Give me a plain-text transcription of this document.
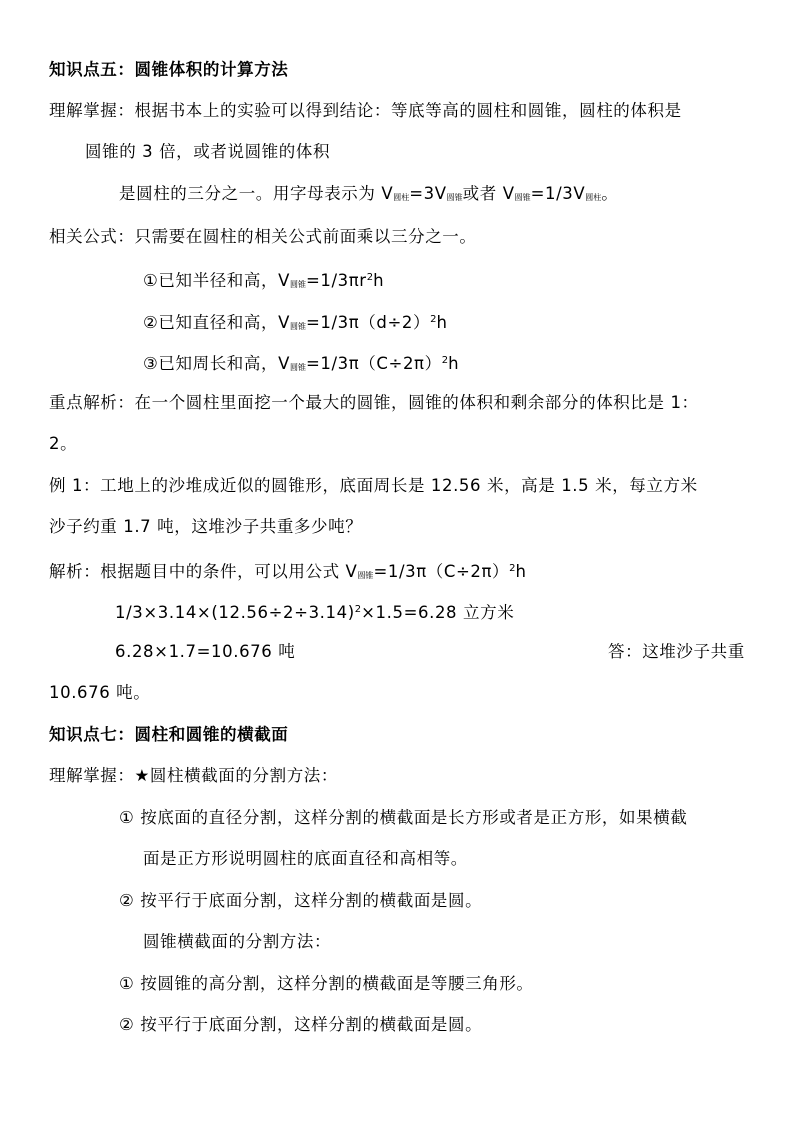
知识点五：圆锥体积的计算方法
理解掌握：根据书本上的实验可以得到结论：等底等高的圆柱和圆锥，圆柱的体积是
圆锥的 3 倍，或者说圆锥的体积
是圆柱的三分之一。用字母表示为 V圆柱=3V圆锥或者 V圆锥=1/3V圆柱。
相关公式：只需要在圆柱的相关公式前面乘以三分之一。
①已知半径和高，V圆锥$=1/3\pi r^2h$
②已知直径和高，V圆锥$=1/3\pi(d\div 2)^2h$
③已知周长和高，V圆锥$=1/3\pi(C\div 2\pi)^2h$
重点解析：在一个圆柱里面挖一个最大的圆锥，圆锥的体积和剩余部分的体积比是 1：
2。
例 1：工地上的沙堆成近似的圆锥形，底面周长是 12.56 米，高是 1.5 米，每立方米
沙子约重 1.7 吨，这堆沙子共重多少吨？
解析：根据题目中的条件，可以用公式 V圆锥$=1/3\pi(C\div 2\pi)^2h$
$1/3\times 3.14\times(12.56\div 2\div 3.14)^2\times 1.5=6.28$ 立方米
6.28×1.7=10.676 吨	答：这堆沙子共重
10.676 吨。
知识点七：圆柱和圆锥的横截面
理解掌握：★圆柱横截面的分割方法：
① 按底面的直径分割，这样分割的横截面是长方形或者是正方形，如果横截
面是正方形说明圆柱的底面直径和高相等。
② 按平行于底面分割，这样分割的横截面是圆。
圆锥横截面的分割方法：
① 按圆锥的高分割，这样分割的横截面是等腰三角形。
② 按平行于底面分割，这样分割的横截面是圆。
